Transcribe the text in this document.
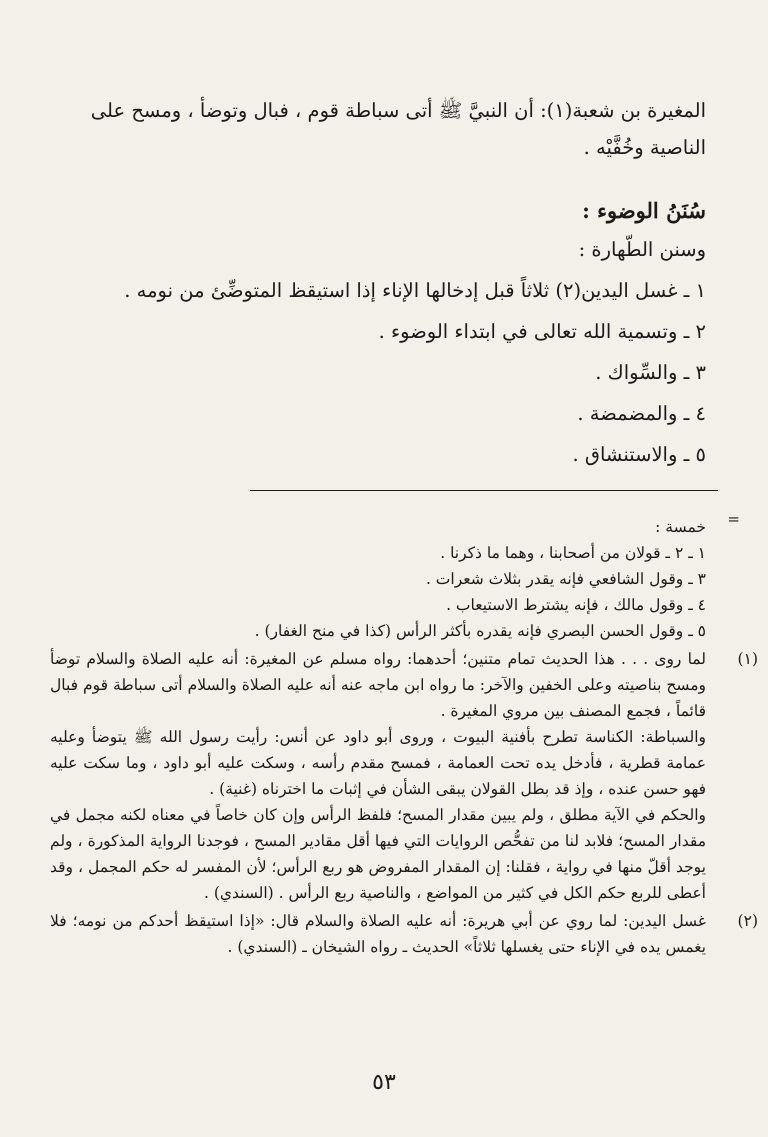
المغيرة بن شعبة(١): أن النبيَّ ﷺ أتى سباطة قوم ، فبال وتوضأ ، ومسح على

الناصية وخُفَّيْه .

سُنَنُ الوضوء :

وسنن الطّهارة :

١ ـ غسل اليدين(٢) ثلاثاً قبل إدخالها الإناء إذا استيقظ المتوضِّئ من نومه .

٢ ـ وتسمية الله تعالى في ابتداء الوضوء .

٣ ـ والسِّواك .

٤ ـ والمضمضة .

٥ ـ والاستنشاق .

=

خمسة :

١ ـ ٢ ـ قولان من أصحابنا ، وهما ما ذكرنا .

٣ ـ وقول الشافعي فإنه يقدر بثلاث شعرات .

٤ ـ وقول مالك ، فإنه يشترط الاستيعاب .

٥ ـ وقول الحسن البصري فإنه يقدره بأكثر الرأس (كذا في منح الغفار) .

(١)

لما روى . . . هذا الحديث تمام متنين؛ أحدهما: رواه مسلم عن المغيرة: أنه عليه الصلاة والسلام توضأ ومسح بناصيته وعلى الخفين والآخر: ما رواه ابن ماجه عنه أنه عليه الصلاة والسلام أتى سباطة قوم فبال قائماً ، فجمع المصنف بين مروي المغيرة .

والسباطة: الكناسة تطرح بأفنية البيوت ، وروى أبو داود عن أنس: رأيت رسول الله ﷺ يتوضأ وعليه عمامة قطرية ، فأدخل يده تحت العمامة ، فمسح مقدم رأسه ، وسكت عليه أبو داود ، وما سكت عليه فهو حسن عنده ، وإذ قد بطل القولان يبقى الشأن في إثبات ما اخترناه (غنية) .

والحكم في الآية مطلق ، ولم يبين مقدار المسح؛ فلفظ الرأس وإن كان خاصاً في معناه لكنه مجمل في مقدار المسح؛ فلابد لنا من تفحُّص الروايات التي فيها أقل مقادير المسح ، فوجدنا الرواية المذكورة ، ولم يوجد أقلّ منها في رواية ، فقلنا: إن المقدار المفروض هو ربع الرأس؛ لأن المفسر له حكم المجمل ، وقد أعطى للربع حكم الكل في كثير من المواضع ، والناصية ربع الرأس . (السندي) .

(٢)

غسل اليدين: لما روي عن أبي هريرة: أنه عليه الصلاة والسلام قال: «إذا استيقظ أحدكم من نومه؛ فلا يغمس يده في الإناء حتى يغسلها ثلاثاً» الحديث ـ رواه الشيخان ـ (السندي) .

٥٣
